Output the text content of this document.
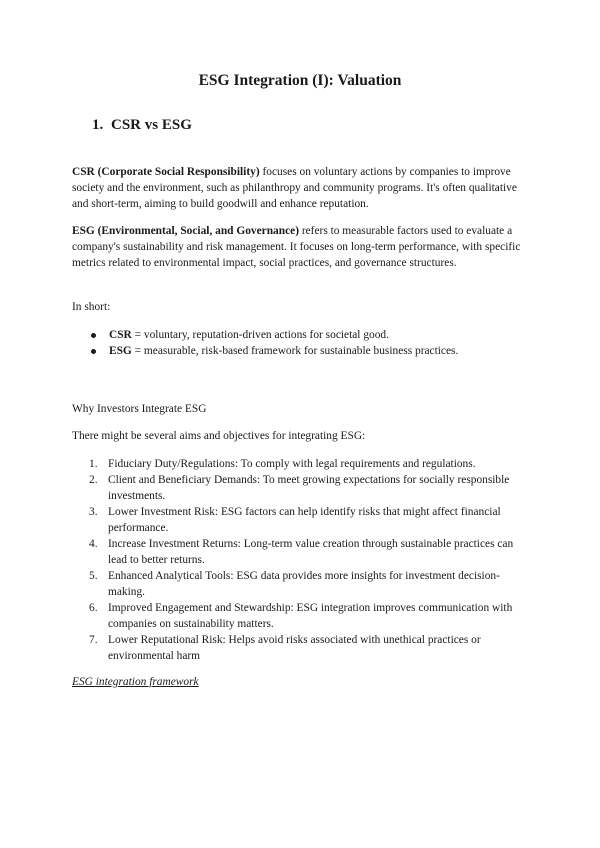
ESG Integration (I): Valuation
1. CSR vs ESG

CSR (Corporate Social Responsibility) focuses on voluntary actions by companies to improve society and the environment, such as philanthropy and community programs. It's often qualitative and short-term, aiming to build goodwill and enhance reputation.

ESG (Environmental, Social, and Governance) refers to measurable factors used to evaluate a company's sustainability and risk management. It focuses on long-term performance, with specific metrics related to environmental impact, social practices, and governance structures.

In short:

CSR = voluntary, reputation-driven actions for societal good.
ESG = measurable, risk-based framework for sustainable business practices.

Why Investors Integrate ESG

There might be several aims and objectives for integrating ESG:

1. Fiduciary Duty/Regulations: To comply with legal requirements and regulations.
2. Client and Beneficiary Demands: To meet growing expectations for socially responsible investments.
3. Lower Investment Risk: ESG factors can help identify risks that might affect financial performance.
4. Increase Investment Returns: Long-term value creation through sustainable practices can lead to better returns.
5. Enhanced Analytical Tools: ESG data provides more insights for investment decision-making.
6. Improved Engagement and Stewardship: ESG integration improves communication with companies on sustainability matters.
7. Lower Reputational Risk: Helps avoid risks associated with unethical practices or environmental harm
ESG integration framework
